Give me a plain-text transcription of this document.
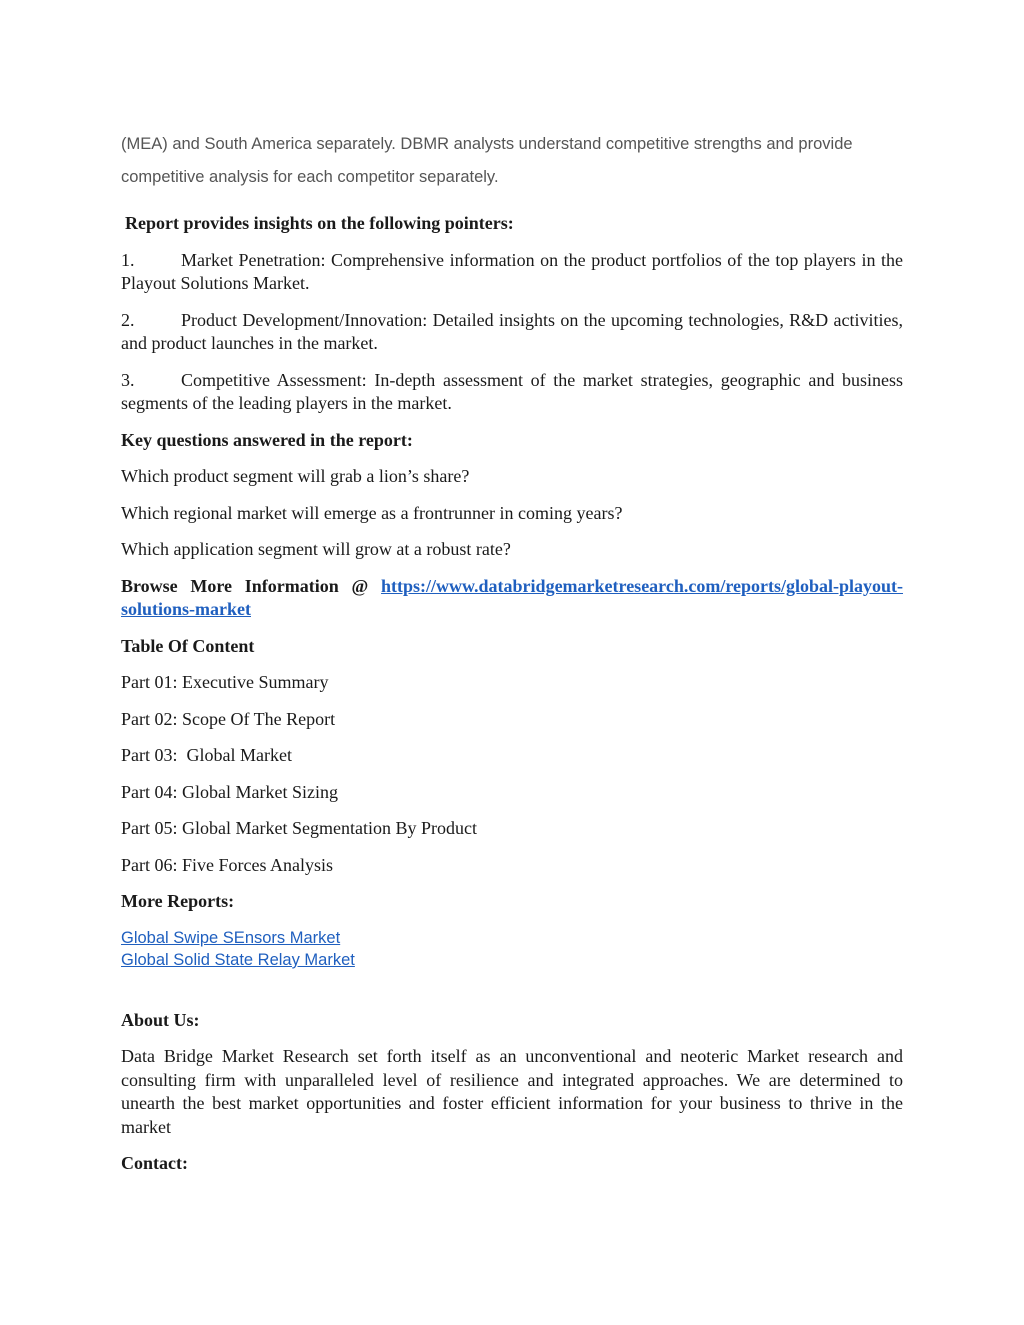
(MEA) and South America separately. DBMR analysts understand competitive strengths and provide
competitive analysis for each competitor separately.

Report provides insights on the following pointers:

1.	Market Penetration: Comprehensive information on the product portfolios of the top players in the Playout Solutions Market.

2.	Product Development/Innovation: Detailed insights on the upcoming technologies, R&D activities, and product launches in the market.

3.	Competitive Assessment: In-depth assessment of the market strategies, geographic and business segments of the leading players in the market.

Key questions answered in the report:

Which product segment will grab a lion’s share?

Which regional market will emerge as a frontrunner in coming years?

Which application segment will grow at a robust rate?

Browse More Information @ https://www.databridgemarketresearch.com/reports/global-playout-solutions-market

Table Of Content

Part 01: Executive Summary

Part 02: Scope Of The Report

Part 03:  Global Market

Part 04: Global Market Sizing

Part 05: Global Market Segmentation By Product

Part 06: Five Forces Analysis

More Reports:

Global Swipe SEnsors Market
Global Solid State Relay Market

About Us:

Data Bridge Market Research set forth itself as an unconventional and neoteric Market research and consulting firm with unparalleled level of resilience and integrated approaches. We are determined to unearth the best market opportunities and foster efficient information for your business to thrive in the market

Contact:
